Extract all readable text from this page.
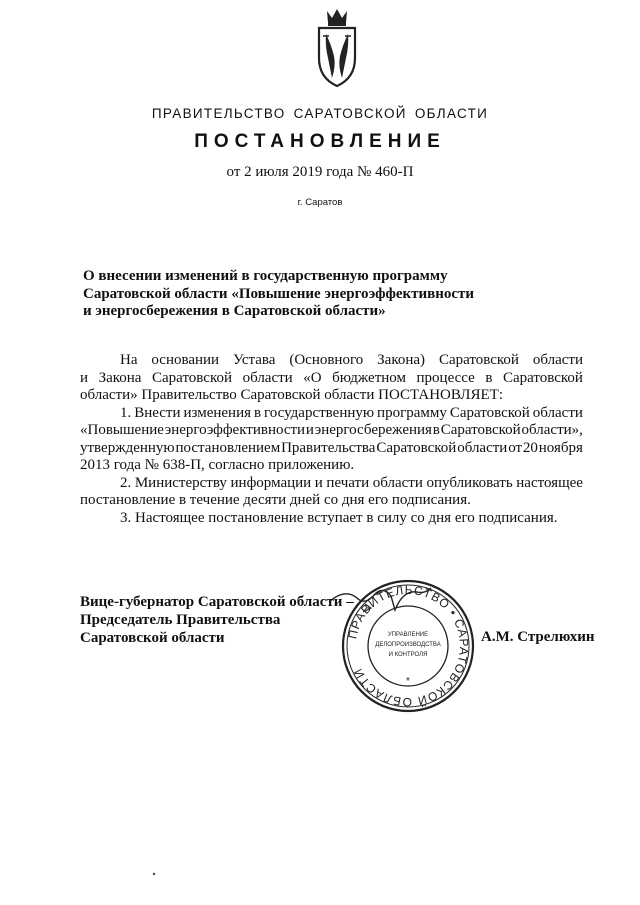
ПРАВИТЕЛЬСТВО САРАТОВСКОЙ ОБЛАСТИ
ПОСТАНОВЛЕНИЕ
от 2 июля 2019 года № 460-П
г. Саратов
О внесении изменений в государственную программу
Саратовской области «Повышение энергоэффективности
и энергосбережения в Саратовской области»
На основании Устава (Основного Закона) Саратовской области
и Закона Саратовской области «О бюджетном процессе в Саратовской
области» Правительство Саратовской области ПОСТАНОВЛЯЕТ:
1. Внести изменения в государственную программу Саратовской области
«Повышение энергоэффективности и энергосбережения в Саратовской области»,
утвержденную постановлением Правительства Саратовской области от 20 ноября
2013 года № 638-П, согласно приложению.
2. Министерству информации и печати области опубликовать настоящее
постановление в течение десяти дней со дня его подписания.
3. Настоящее постановление вступает в силу со дня его подписания.
ПРАВИТЕЛЬСТВО • САРАТОВСКОЙ ОБЛАСТИ
УПРАВЛЕНИЕ
ДЕЛОПРОИЗВОДСТВА
И КОНТРОЛЯ
*
Вице-губернатор Саратовской области –
Председатель Правительства
Саратовской области	А.М. Стрелюхин
